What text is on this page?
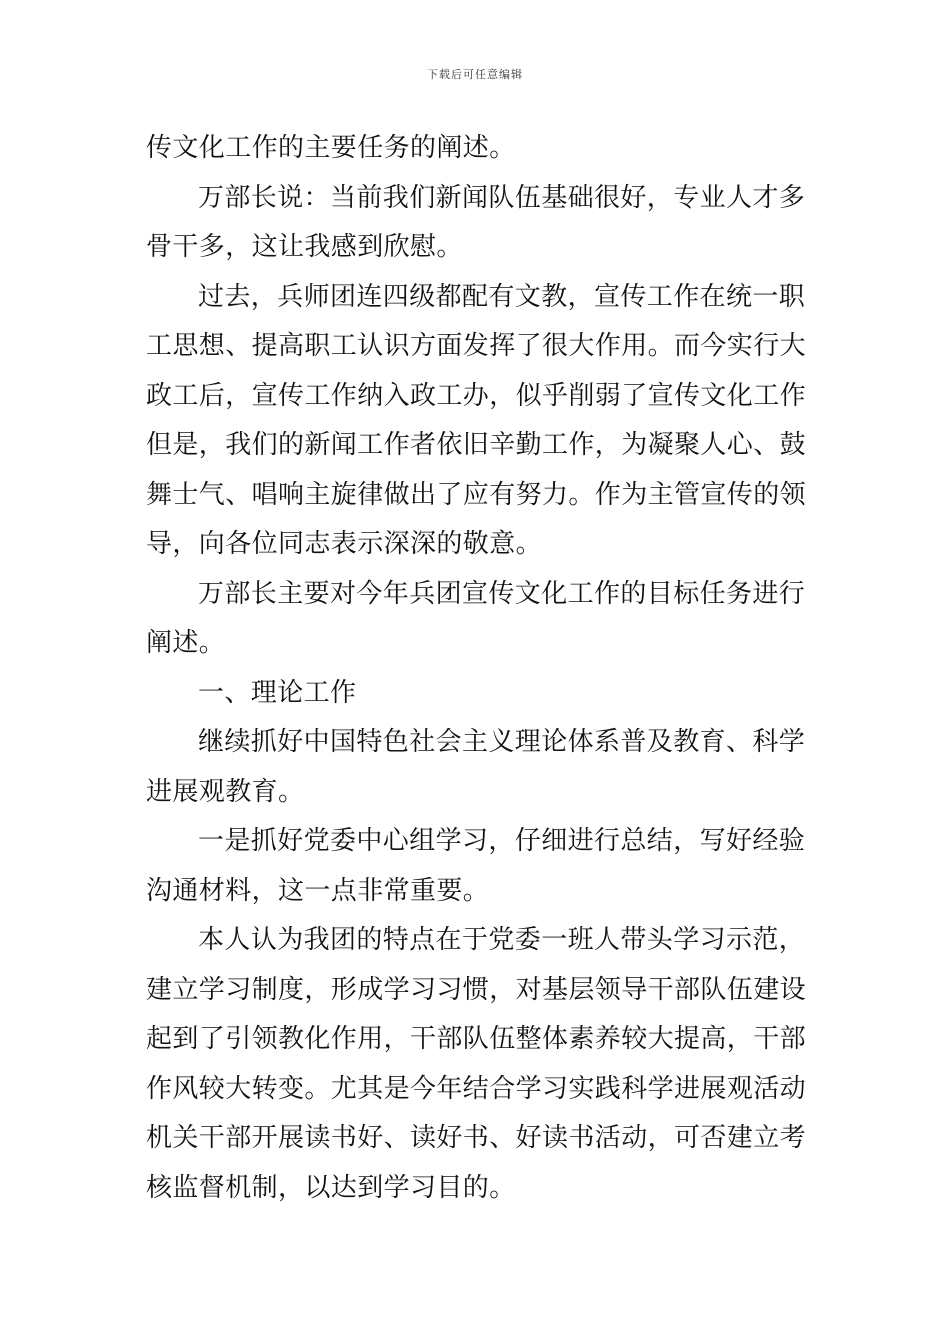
下载后可任意编辑

传文化工作的主要任务的阐述。

万部长说：当前我们新闻队伍基础很好，专业人才多骨干多，这让我感到欣慰。

过去，兵师团连四级都配有文教，宣传工作在统一职工思想、提高职工认识方面发挥了很大作用。而今实行大政工后，宣传工作纳入政工办，似乎削弱了宣传文化工作但是，我们的新闻工作者依旧辛勤工作，为凝聚人心、鼓舞士气、唱响主旋律做出了应有努力。作为主管宣传的领导，向各位同志表示深深的敬意。

万部长主要对今年兵团宣传文化工作的目标任务进行阐述。

一、理论工作

继续抓好中国特色社会主义理论体系普及教育、科学进展观教育。

一是抓好党委中心组学习，仔细进行总结，写好经验沟通材料，这一点非常重要。

本人认为我团的特点在于党委一班人带头学习示范，建立学习制度，形成学习习惯，对基层领导干部队伍建设起到了引领教化作用，干部队伍整体素养较大提高，干部作风较大转变。尤其是今年结合学习实践科学进展观活动机关干部开展读书好、读好书、好读书活动，可否建立考核监督机制，以达到学习目的。
